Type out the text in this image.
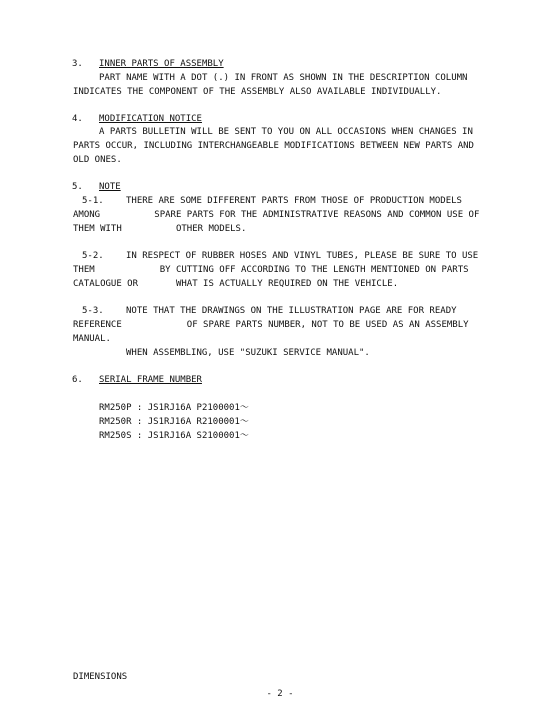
3. INNER PARTS OF ASSEMBLY
PART NAME WITH A DOT (.) IN FRONT AS SHOWN IN THE DESCRIPTION COLUMN
INDICATES THE COMPONENT OF THE ASSEMBLY ALSO AVAILABLE INDIVIDUALLY.
4. MODIFICATION NOTICE
A PARTS BULLETIN WILL BE SENT TO YOU ON ALL OCCASIONS WHEN CHANGES IN
PARTS OCCUR, INCLUDING INTERCHANGEABLE MODIFICATIONS BETWEEN NEW PARTS AND
OLD ONES.
5. NOTE
5-1. THERE ARE SOME DIFFERENT PARTS FROM THOSE OF PRODUCTION MODELS
AMONG          SPARE PARTS FOR THE ADMINISTRATIVE REASONS AND COMMON USE OF
THEM WITH          OTHER MODELS.
5-2. IN RESPECT OF RUBBER HOSES AND VINYL TUBES, PLEASE BE SURE TO USE
THEM            BY CUTTING OFF ACCORDING TO THE LENGTH MENTIONED ON PARTS
CATALOGUE OR       WHAT IS ACTUALLY REQUIRED ON THE VEHICLE.
5-3. NOTE THAT THE DRAWINGS ON THE ILLUSTRATION PAGE ARE FOR READY
REFERENCE            OF SPARE PARTS NUMBER, NOT TO BE USED AS AN ASSEMBLY
MANUAL.
WHEN ASSEMBLING, USE "SUZUKI SERVICE MANUAL".
6. SERIAL FRAME NUMBER
RM250P : JS1RJ16A P2100001～
RM250R : JS1RJ16A R2100001～
RM250S : JS1RJ16A S2100001～
DIMENSIONS
- 2 -
